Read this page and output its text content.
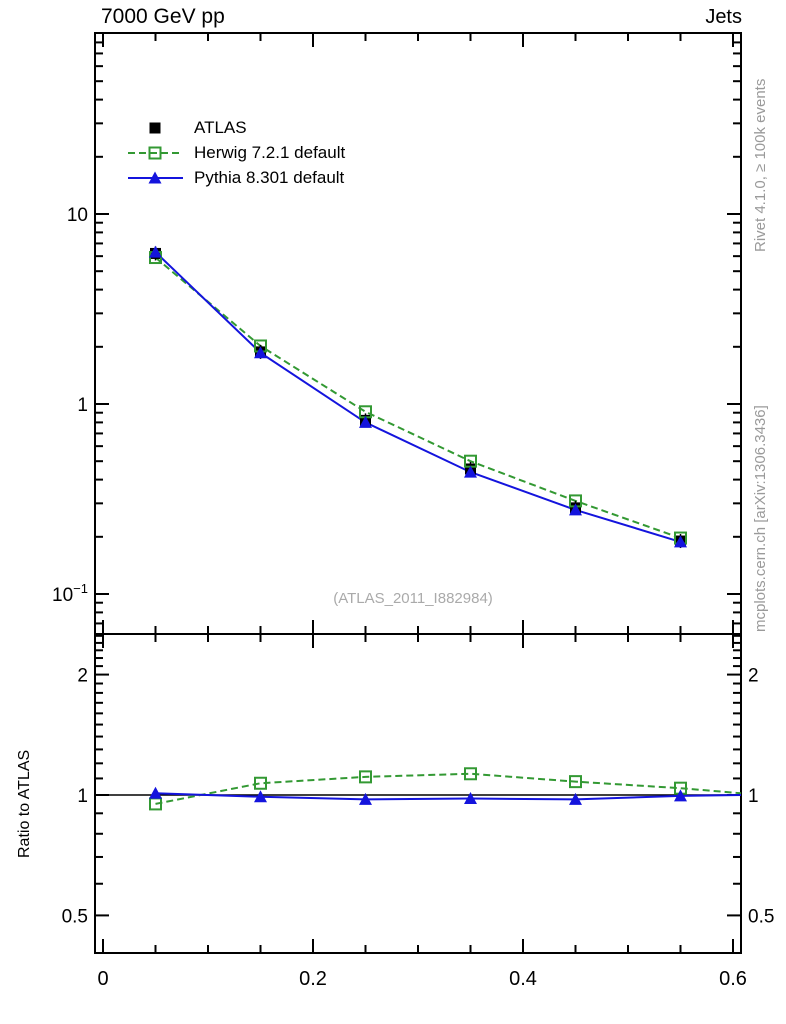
0	0.2	0.4	0.6
10
1
$10^{-1}$
2	2
1	1
0.5	0.5
7000 GeV pp	Jets
Rivet 4.1.0, ≥ 100k events
mcplots.cern.ch [arXiv:1306.3436]
Ratio to ATLAS
(ATLAS_2011_I882984)
ATLAS
Herwig 7.2.1 default
Pythia 8.301 default
